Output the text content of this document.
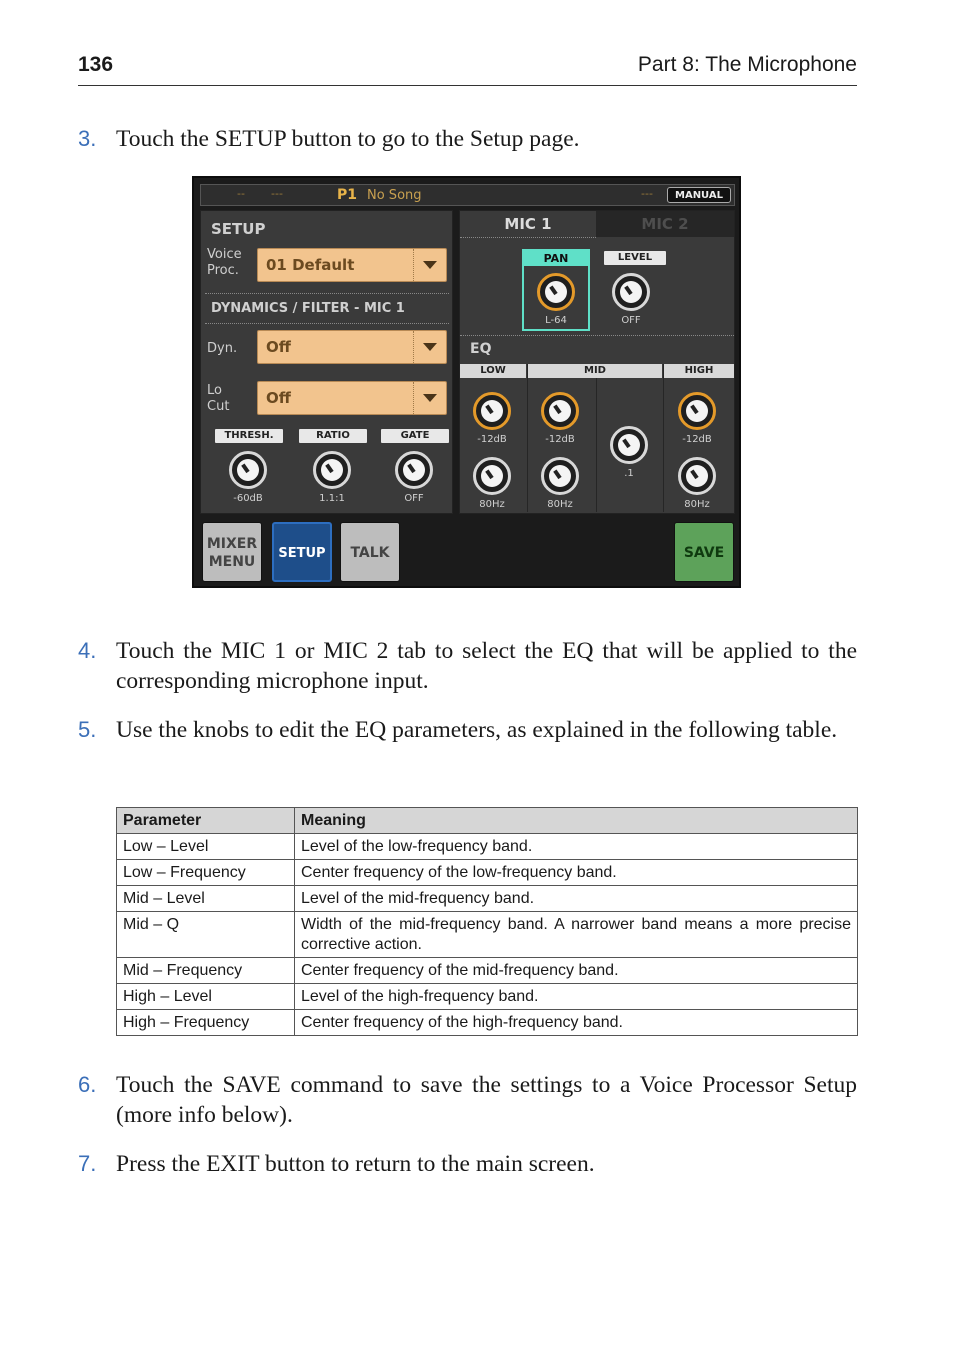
136	Part 8: The Microphone
3. Touch the SETUP button to go to the Setup page.
-- ---	P1 No Song	---	MANUAL
SETUP
Voice
Proc. 01 Default
DYNAMICS / FILTER - MIC 1
Dyn. Off
Lo
Cut Off
THRESH.	RATIO	GATE
-60dB	1.1:1	OFF
MIC 1	MIC 2
PAN
L-64
LEVEL
OFF
EQ
LOW	MID	HIGH
-12dB
80Hz
-12dB
80Hz
.1
-12dB
80Hz
MIXER
MENU
SETUP	TALK	SAVE
4. Touch the MIC 1 or MIC 2 tab to select the EQ that will be applied to the corresponding microphone input.
5. Use the knobs to edit the EQ parameters, as explained in the following table.
Parameter	Meaning
Low – Level	Level of the low-frequency band.
Low – Frequency	Center frequency of the low-frequency band.
Mid – Level	Level of the mid-frequency band.
Mid – Q	Width of the mid-frequency band. A narrower band means a more precise corrective action.
Mid – Frequency	Center frequency of the mid-frequency band.
High – Level	Level of the high-frequency band.
High – Frequency	Center frequency of the high-frequency band.
6. Touch the SAVE command to save the settings to a Voice Processor Setup (more info below).
7. Press the EXIT button to return to the main screen.
